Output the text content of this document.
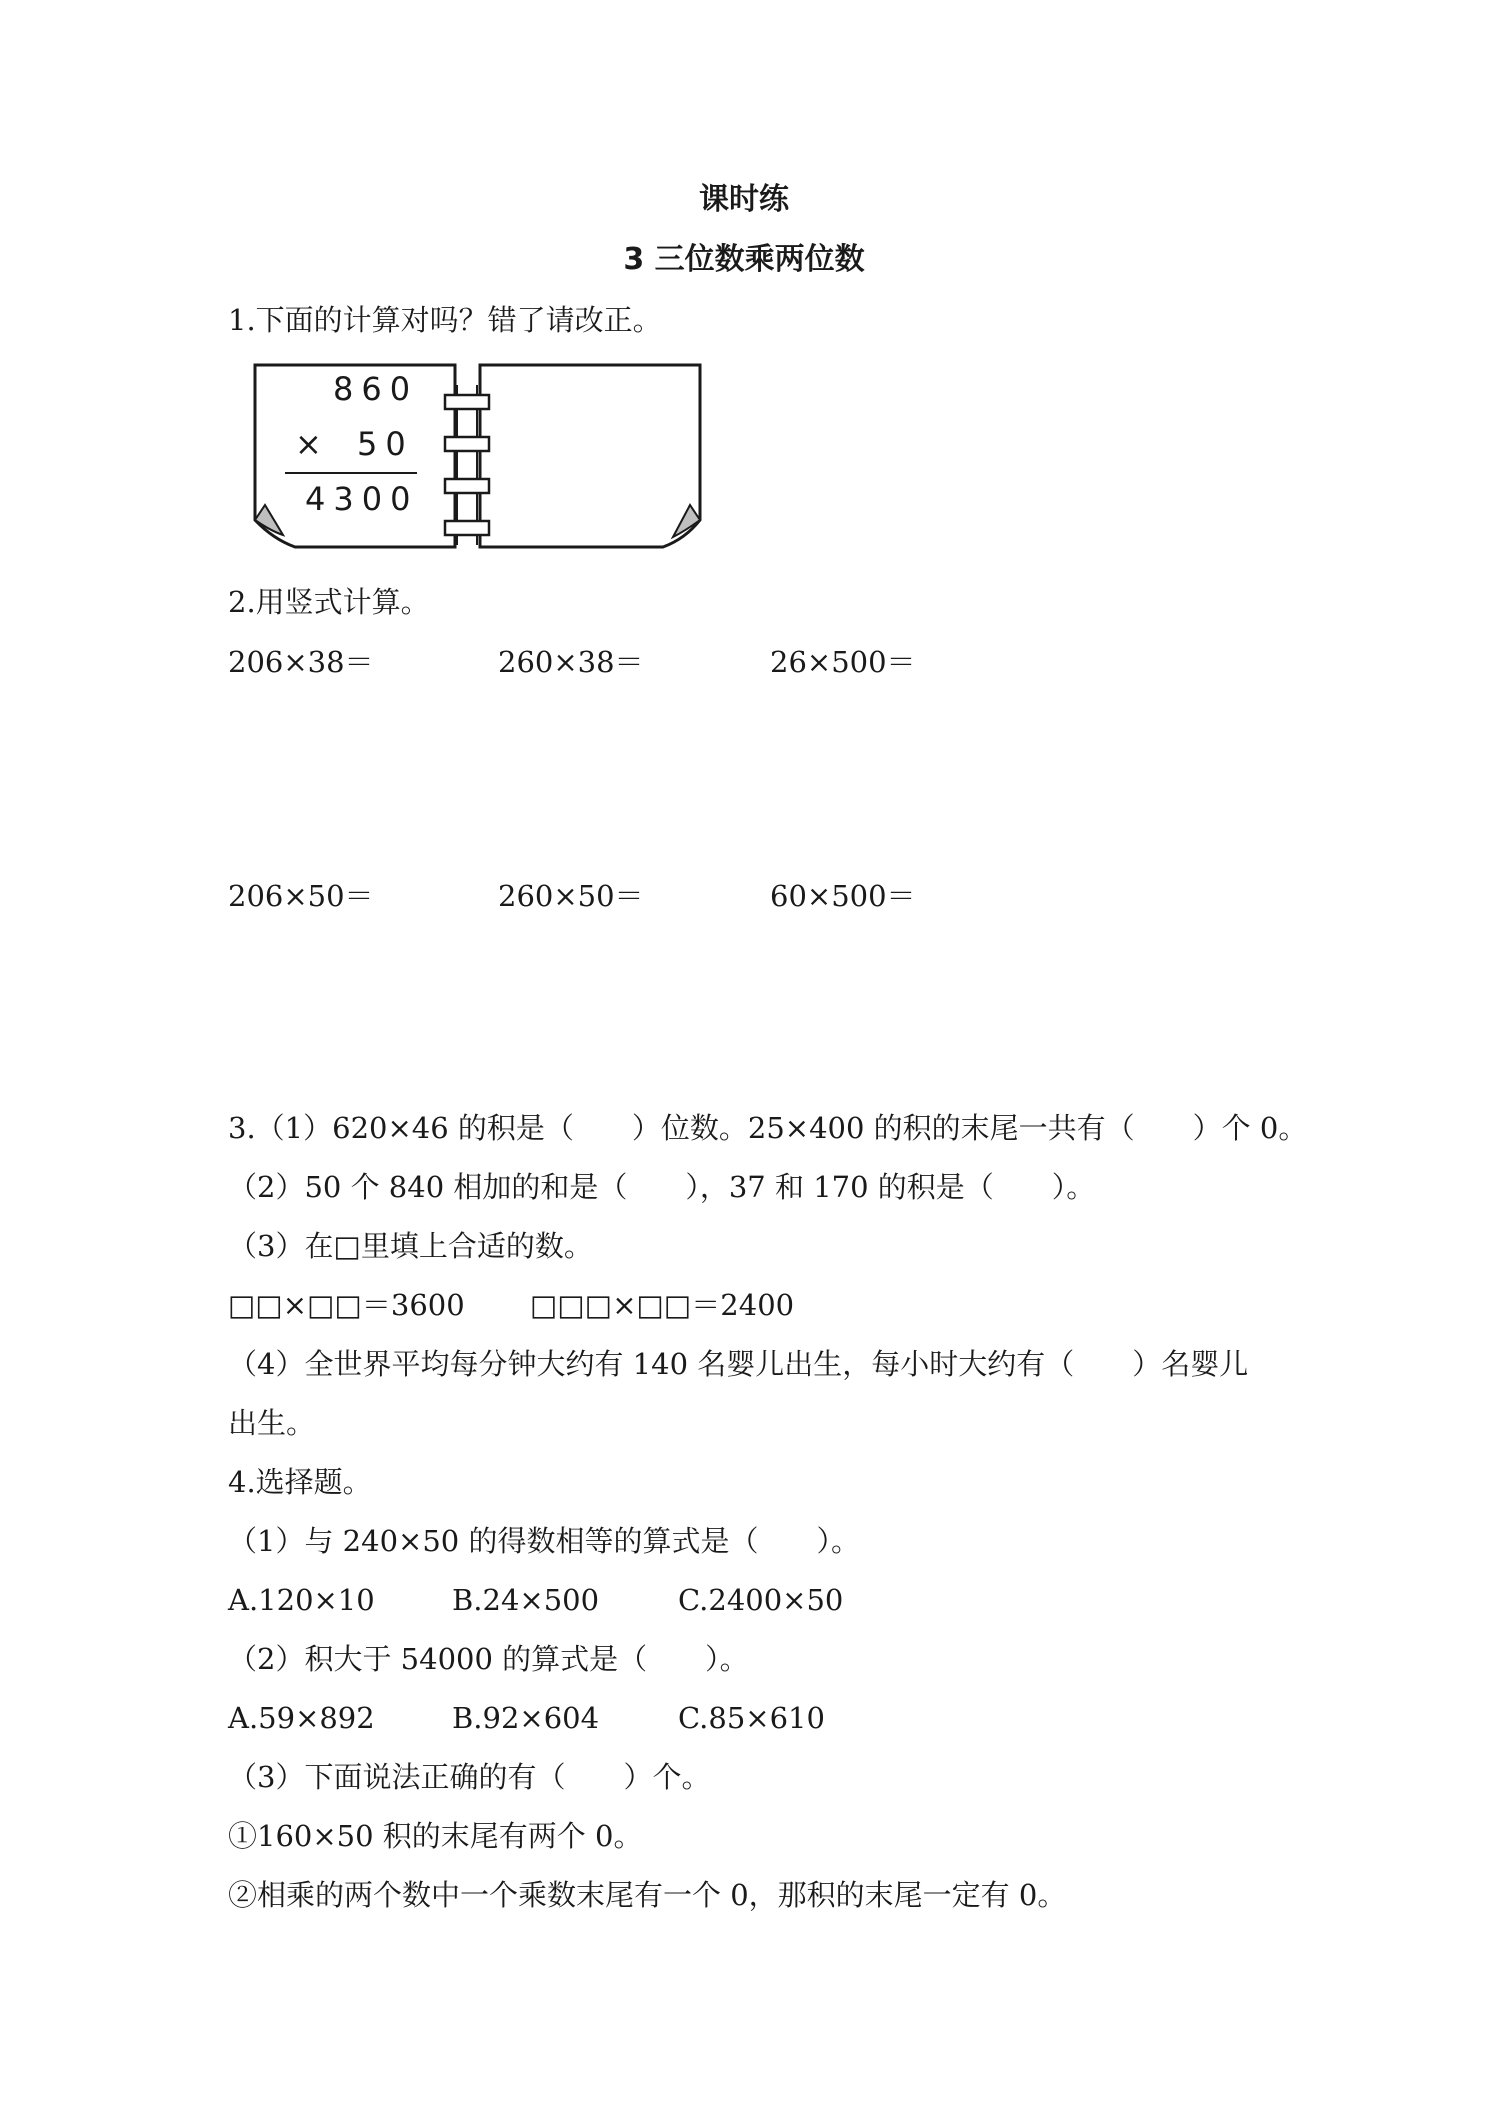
课时练
3 三位数乘两位数
1.下面的计算对吗？错了请改正。
860
× 50
4300
2.用竖式计算。
206×38＝	260×38＝	26×500＝
206×50＝	260×50＝	60×500＝
3.（1）620×46 的积是（　　）位数。25×400 的积的末尾一共有（　　）个 0。
（2）50 个 840 相加的和是（　　），37 和 170 的积是（　　）。
（3）在□里填上合适的数。
□□×□□＝3600 □□□×□□＝2400
（4）全世界平均每分钟大约有 140 名婴儿出生，每小时大约有（　　）名婴儿
出生。
4.选择题。
（1）与 240×50 的得数相等的算式是（　　）。
A.120×10	B.24×500	C.2400×50
（2）积大于 54000 的算式是（　　）。
A.59×892	B.92×604	C.85×610
（3）下面说法正确的有（　　）个。
①160×50 积的末尾有两个 0。
②相乘的两个数中一个乘数末尾有一个 0，那积的末尾一定有 0。
